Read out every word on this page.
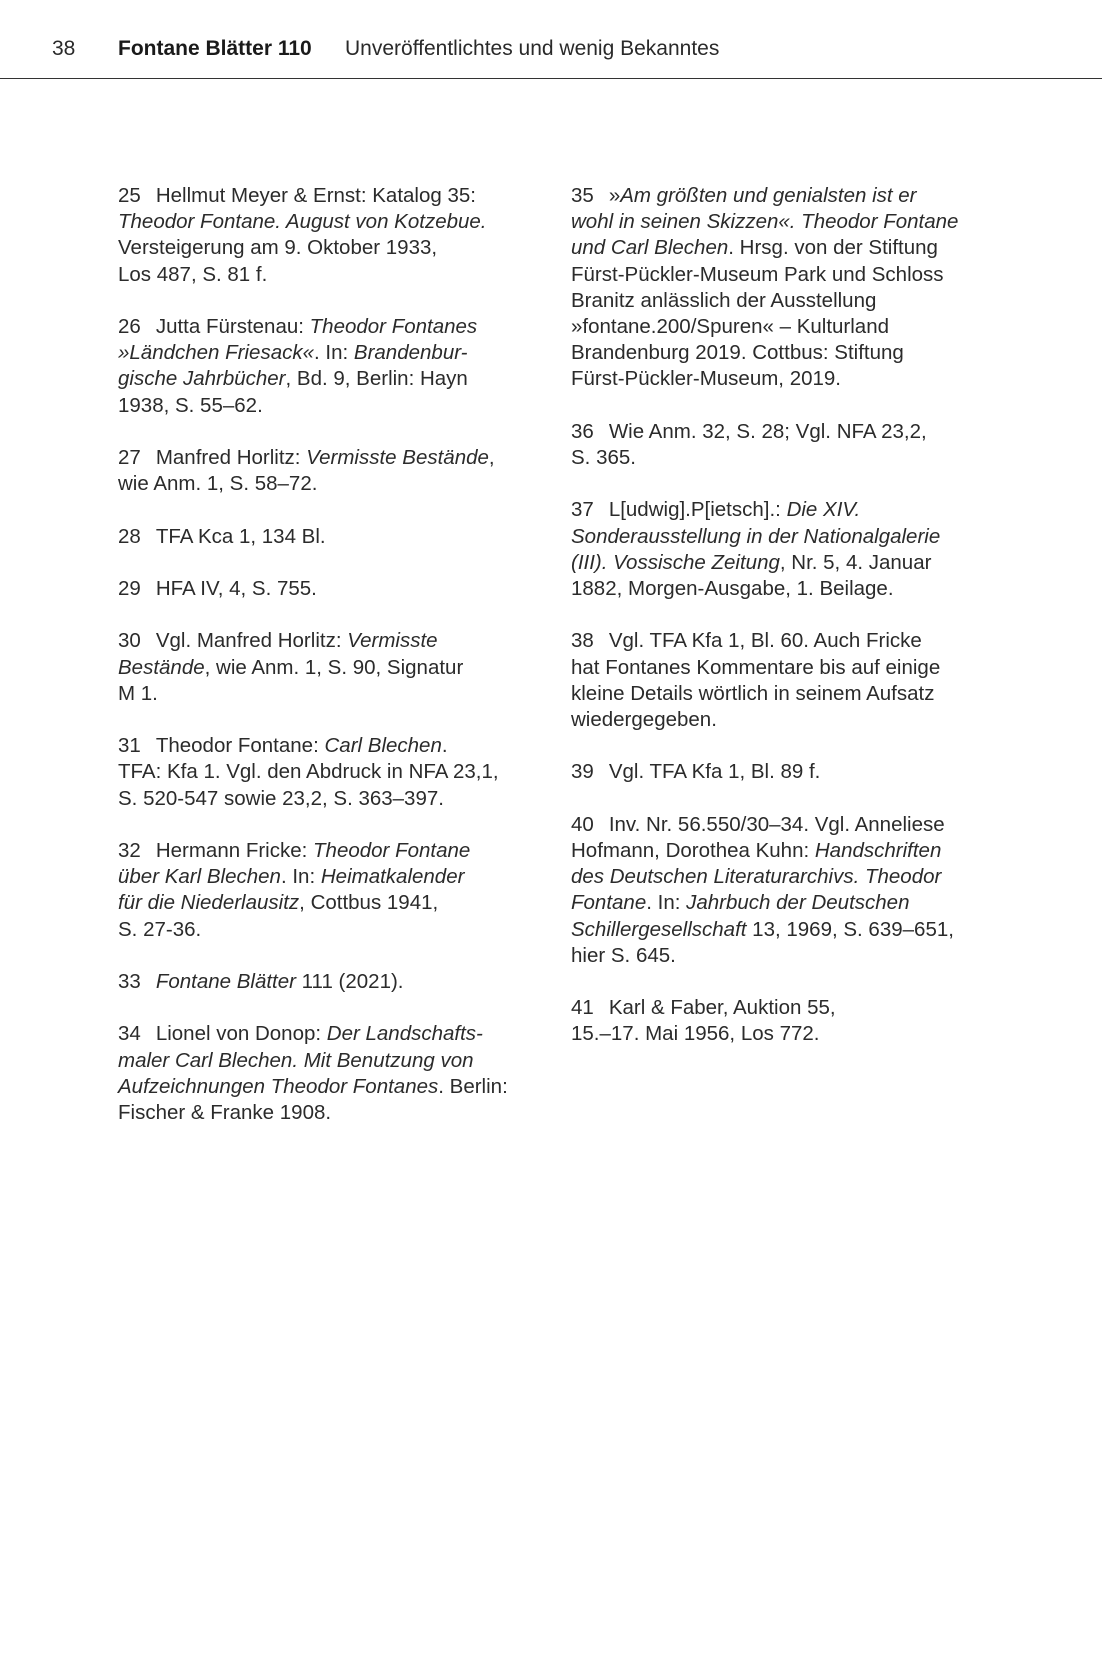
38 Fontane Blätter 110 Unveröffentlichtes und wenig Bekanntes

25 Hellmut Meyer & Ernst: Katalog 35:
Theodor Fontane. August von Kotzebue.
Versteigerung am 9. Oktober 1933,
Los 487, S. 81 f.

26 Jutta Fürstenau: Theodor Fontanes
»Ländchen Friesack«. In: Brandenbur-
gische Jahrbücher, Bd. 9, Berlin: Hayn
1938, S. 55–62.

27 Manfred Horlitz: Vermisste Bestände,
wie Anm. 1, S. 58–72.

28 TFA Kca 1, 134 Bl.

29 HFA IV, 4, S. 755.

30 Vgl. Manfred Horlitz: Vermisste
Bestände, wie Anm. 1, S. 90, Signatur
M 1.

31 Theodor Fontane: Carl Blechen.
TFA: Kfa 1. Vgl. den Abdruck in NFA 23,1,
S. 520-547 sowie 23,2, S. 363–397.

32 Hermann Fricke: Theodor Fontane
über Karl Blechen. In: Heimatkalender
für die Niederlausitz, Cottbus 1941,
S. 27-36.

33 Fontane Blätter 111 (2021).

34 Lionel von Donop: Der Landschafts-
maler Carl Blechen. Mit Benutzung von
Aufzeichnungen Theodor Fontanes. Berlin:
Fischer & Franke 1908.

35 »Am größten und genialsten ist er
wohl in seinen Skizzen«. Theodor Fontane
und Carl Blechen. Hrsg. von der Stiftung
Fürst-Pückler-Museum Park und Schloss
Branitz anlässlich der Ausstellung
»fontane.200/Spuren« – Kulturland
Brandenburg 2019. Cottbus: Stiftung
Fürst-Pückler-Museum, 2019.

36 Wie Anm. 32, S. 28; Vgl. NFA 23,2,
S. 365.

37 L[udwig].P[ietsch].: Die XIV.
Sonderausstellung in der Nationalgalerie
(III). Vossische Zeitung, Nr. 5, 4. Januar
1882, Morgen-Ausgabe, 1. Beilage.

38 Vgl. TFA Kfa 1, Bl. 60. Auch Fricke
hat Fontanes Kommentare bis auf einige
kleine Details wörtlich in seinem Aufsatz
wiedergegeben.

39 Vgl. TFA Kfa 1, Bl. 89 f.

40 Inv. Nr. 56.550/30–34. Vgl. Anneliese
Hofmann, Dorothea Kuhn: Handschriften
des Deutschen Literaturarchivs. Theodor
Fontane. In: Jahrbuch der Deutschen
Schillergesellschaft 13, 1969, S. 639–651,
hier S. 645.

41 Karl & Faber, Auktion 55,
15.–17. Mai 1956, Los 772.
